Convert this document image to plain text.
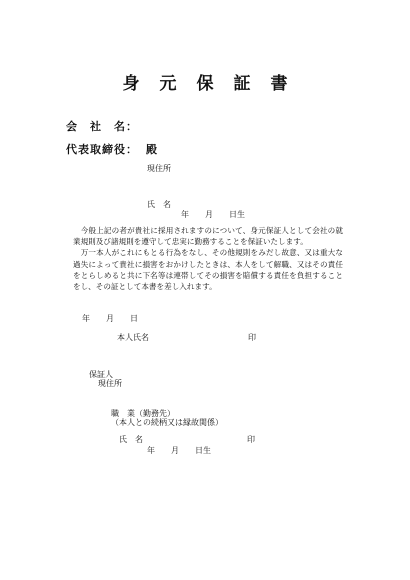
身元保証書
会　社　名：
代表取締役： 殿
現住所
氏　名
年　　月　　日生

　今般上記の者が貴社に採用されますのについて、身元保証人として会社の就業規則及び諸規則を遵守して忠実に勤務することを保証いたします。

　万一本人がこれにもとる行為をなし、その他規則をみだし故意、又は重大な過失によって貴社に損害をおかけしたときは、本人をして解職、又はその責任をとらしめると共に下名等は連帯してその損害を賠償する責任を負担することをし、その証として本書を差し入れます。

年　　月　　日
本人氏名	印
保証人
現住所
職　業（勤務先）
（本人との続柄又は縁故関係）
氏　名	印
年　　月　　日生
